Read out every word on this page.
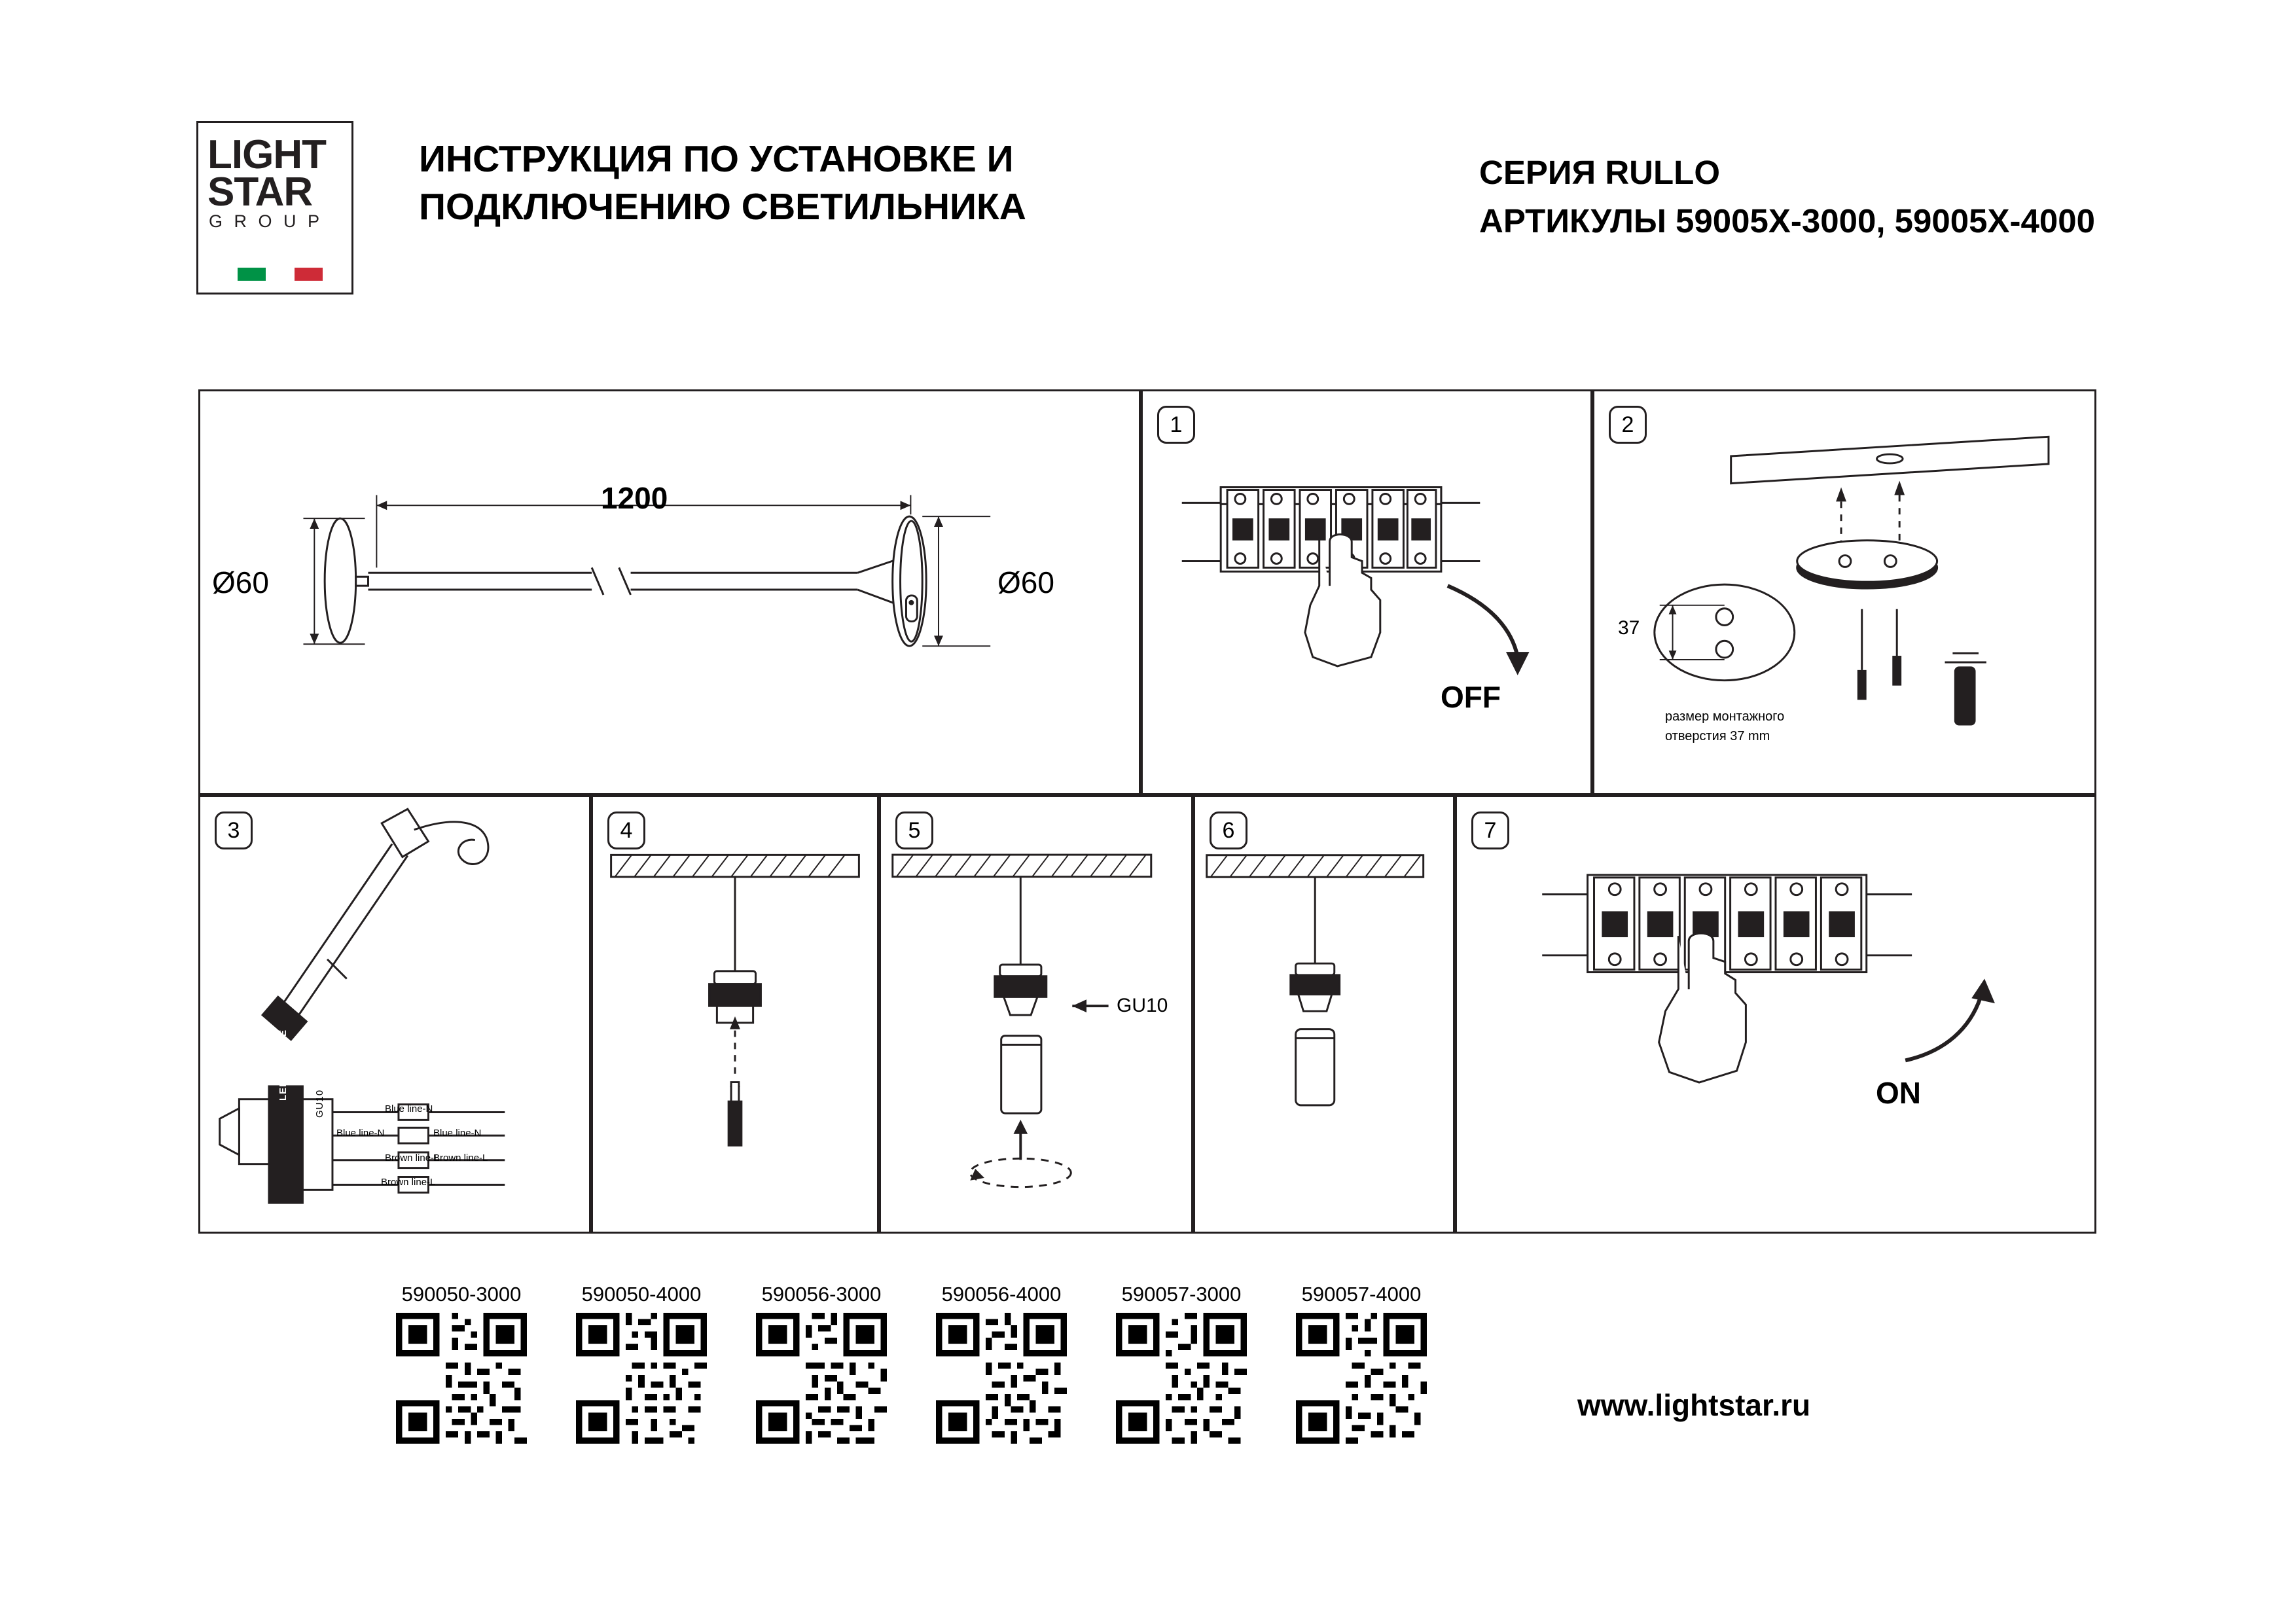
LIGHT
STAR
G R O U P
ИНСТРУКЦИЯ ПО УСТАНОВКЕ И
ПОДКЛЮЧЕНИЮ СВЕТИЛЬНИКА
СЕРИЯ RULLO
АРТИКУЛЫ 59005X-3000, 59005X-4000
1200
Ø60	Ø60
1
OFF
2
37
размер монтажного
отверстия 37 mm
3
LED MODULE
GU10	Blue line-N
Blue line-N
Brown line-L
Brown line-L
Blue line-N
Brown line-L
4	5
GU10
6	7
ON
590050-3000	590050-4000	590056-3000	590056-4000	590057-3000	590057-4000
www.lightstar.ru
